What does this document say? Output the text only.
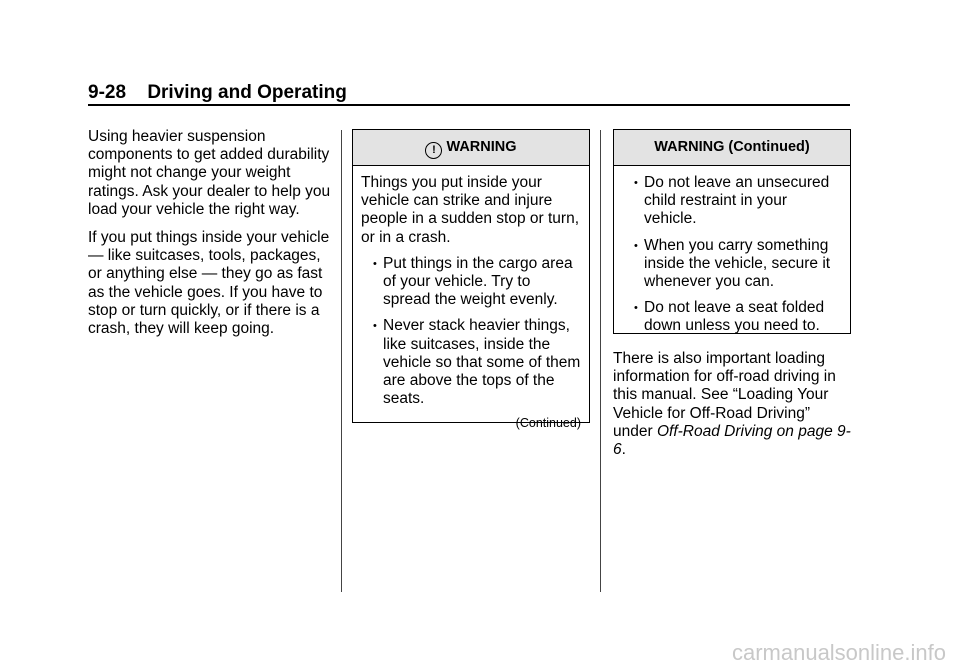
9-28 Driving and Operating

Using heavier suspension components to get added durability might not change your weight ratings. Ask your dealer to help you load your vehicle the right way.

If you put things inside your vehicle — like suitcases, tools, packages, or anything else — they go as fast as the vehicle goes. If you have to stop or turn quickly, or if there is a crash, they will keep going.

! WARNING

Things you put inside your vehicle can strike and injure people in a sudden stop or turn, or in a crash.

• Put things in the cargo area of your vehicle. Try to spread the weight evenly.
• Never stack heavier things, like suitcases, inside the vehicle so that some of them are above the tops of the seats.
(Continued)
WARNING (Continued)
• Do not leave an unsecured child restraint in your vehicle.
• When you carry something inside the vehicle, secure it whenever you can.
• Do not leave a seat folded down unless you need to.

There is also important loading information for off-road driving in this manual. See “Loading Your Vehicle for Off-Road Driving” under Off-Road Driving on page 9-6.

carmanualsonline.info
